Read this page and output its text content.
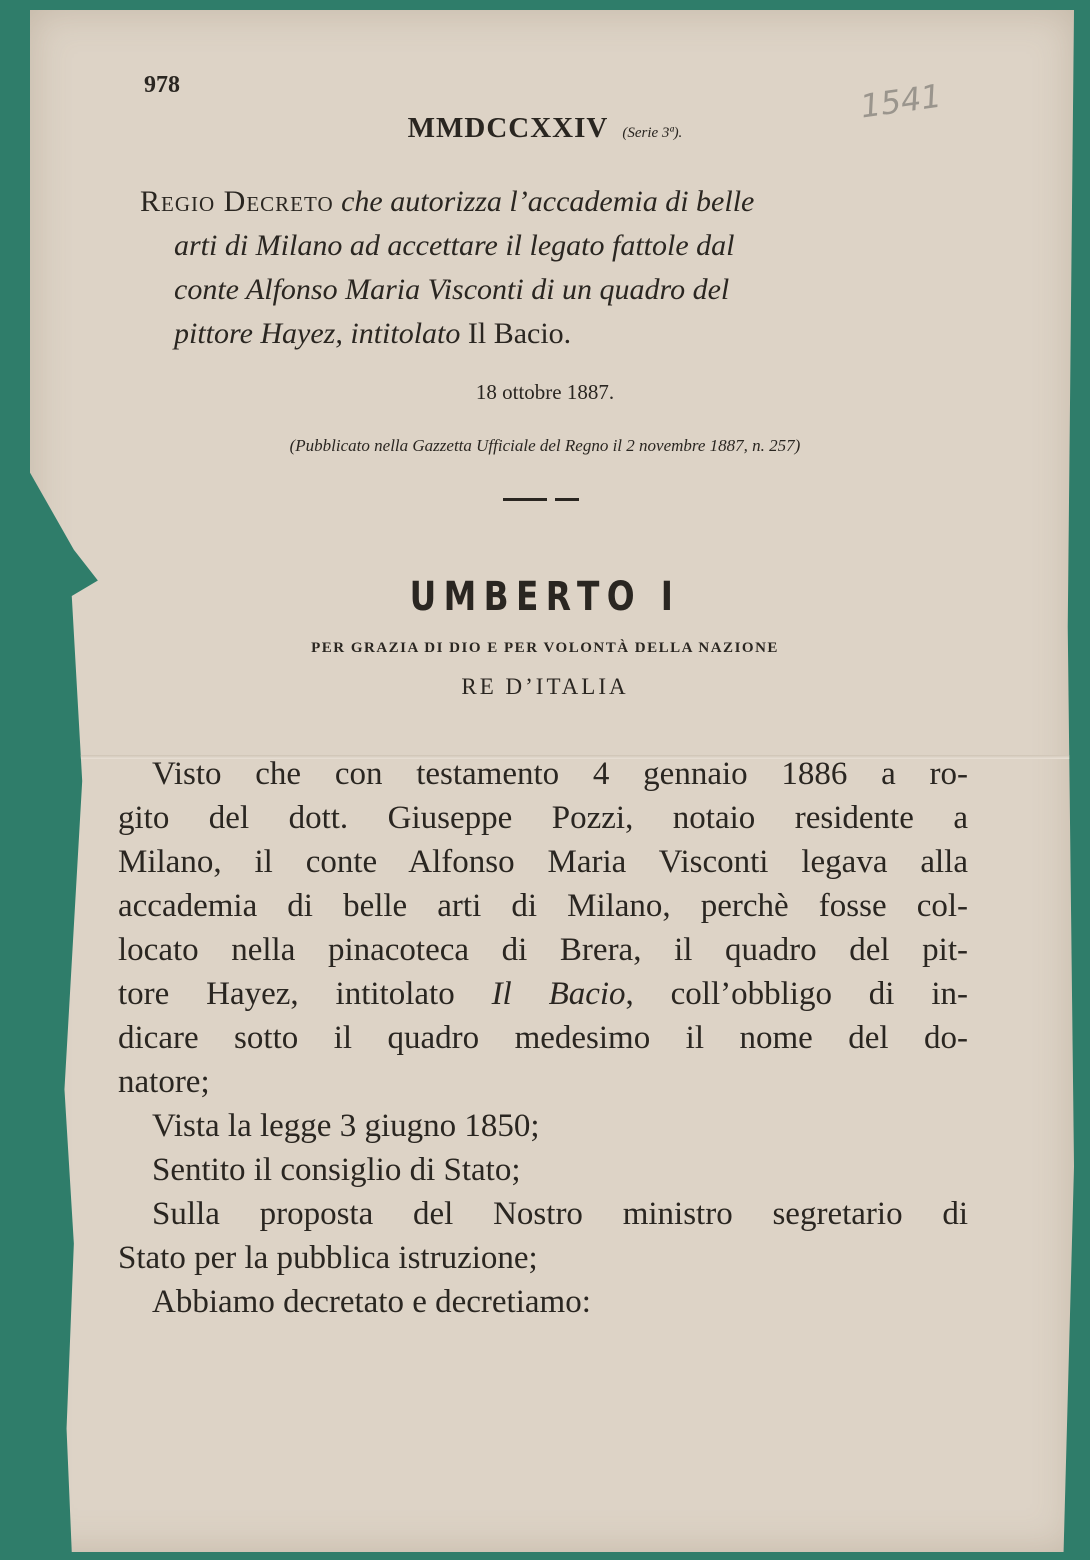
1541
978
MMDCCXXIV (Serie 3ª).
Regio Decreto che autorizza l’accademia di belle
arti di Milano ad accettare il legato fattole dal
conte Alfonso Maria Visconti di un quadro del
pittore Hayez, intitolato Il Bacio.
18 ottobre 1887.
(Pubblicato nella Gazzetta Ufficiale del Regno il 2 novembre 1887, n. 257)
UMBERTO I
PER GRAZIA DI DIO E PER VOLONTÀ DELLA NAZIONE
RE D’ITALIA

Visto che con testamento 4 gennaio 1886 a ro-

gito del dott. Giuseppe Pozzi, notaio residente a

Milano, il conte Alfonso Maria Visconti legava alla

accademia di belle arti di Milano, perchè fosse col-

locato nella pinacoteca di Brera, il quadro del pit-

tore Hayez, intitolato Il Bacio, coll’obbligo di in-

dicare sotto il quadro medesimo il nome del do-

natore;

Vista la legge 3 giugno 1850;

Sentito il consiglio di Stato;

Sulla proposta del Nostro ministro segretario di

Stato per la pubblica istruzione;

Abbiamo decretato e decretiamo:
